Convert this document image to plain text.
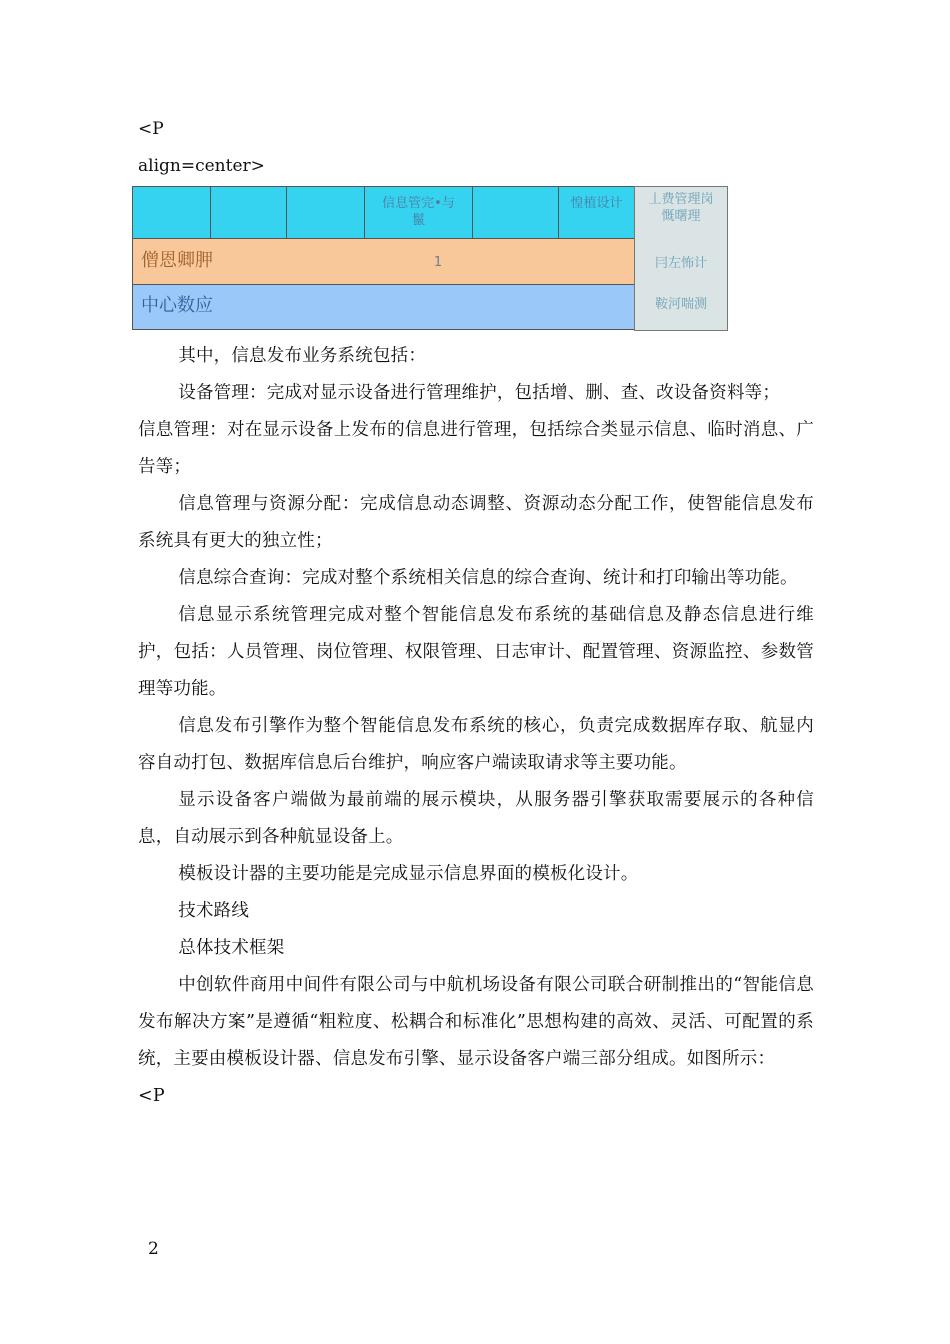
<P
align=center>
信息管完•与
鬣
惶植设计
僧恩卿胛	1
中心数应
丄费管理岗
慨曙理
冃左怖计
鞍河喘测

其中，信息发布业务系统包括：

设备管理：完成对显示设备进行管理维护，包括增、删、查、改设备资料等；

信息管理：对在显示设备上发布的信息进行管理，包括综合类显示信息、临时消息、广告等；

信息管理与资源分配：完成信息动态调整、资源动态分配工作，使智能信息发布系统具有更大的独立性；

信息综合查询：完成对整个系统相关信息的综合查询、统计和打印输出等功能。

信息显示系统管理完成对整个智能信息发布系统的基础信息及静态信息进行维护，包括：人员管理、岗位管理、权限管理、日志审计、配置管理、资源监控、参数管理等功能。

信息发布引擎作为整个智能信息发布系统的核心，负责完成数据库存取、航显内容自动打包、数据库信息后台维护，响应客户端读取请求等主要功能。

显示设备客户端做为最前端的展示模块，从服务器引擎获取需要展示的各种信息，自动展示到各种航显设备上。

模板设计器的主要功能是完成显示信息界面的模板化设计。

技术路线

总体技术框架

中创软件商用中间件有限公司与中航机场设备有限公司联合研制推出的“智能信息发布解决方案”是遵循“粗粒度、松耦合和标准化”思想构建的高效、灵活、可配置的系统，主要由模板设计器、信息发布引擎、显示设备客户端三部分组成。如图所示：

<P

2
